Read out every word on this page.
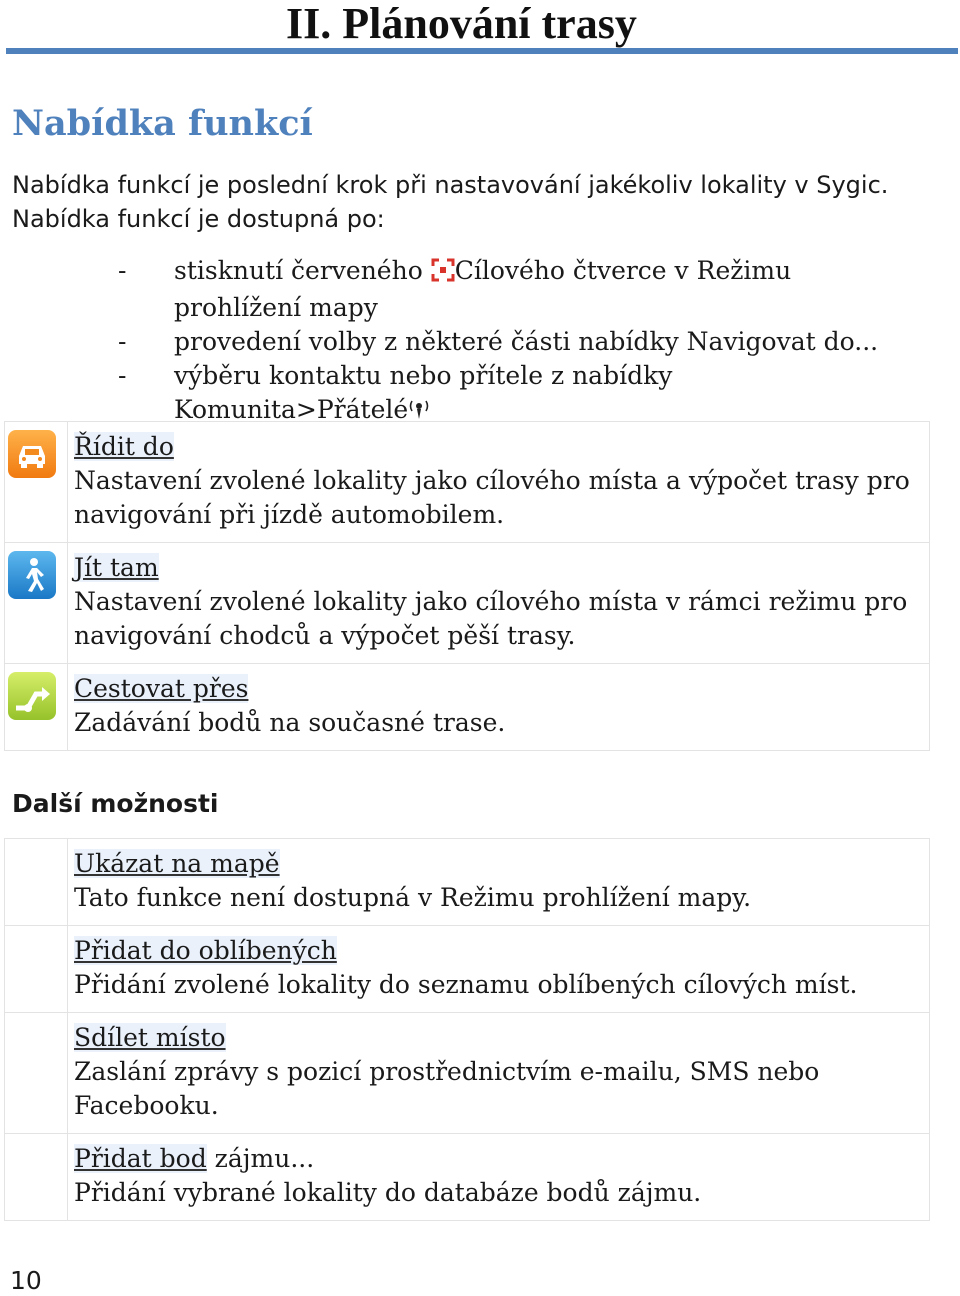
II. Plánování trasy
Nabídka funkcí
Nabídka funkcí je poslední krok při nastavování jakékoliv lokality v Sygic.
Nabídka funkcí je dostupná po:
- stisknutí červeného Cílového čtverce v Režimu prohlížení mapy
- provedení volby z některé části nabídky Navigovat do...
- výběru kontaktu nebo přítele z nabídky Komunita>Přátelé
	Řídit do
Nastavení zvolené lokality jako cílového místa a výpočet trasy pro navigování při jízdě automobilem.

	Jít tam
Nastavení zvolené lokality jako cílového místa v rámci režimu pro navigování chodců a výpočet pěší trasy.

	Cestovat přes
Zadávání bodů na současné trase.
Další možnosti
	Ukázat na mapě
Tato funkce není dostupná v Režimu prohlížení mapy.
	Přidat do oblíbených
Přidání zvolené lokality do seznamu oblíbených cílových míst.
	Sdílet místo
Zaslání zprávy s pozicí prostřednictvím e-mailu, SMS nebo Facebooku.
	Přidat bod zájmu...
Přidání vybrané lokality do databáze bodů zájmu.
10
